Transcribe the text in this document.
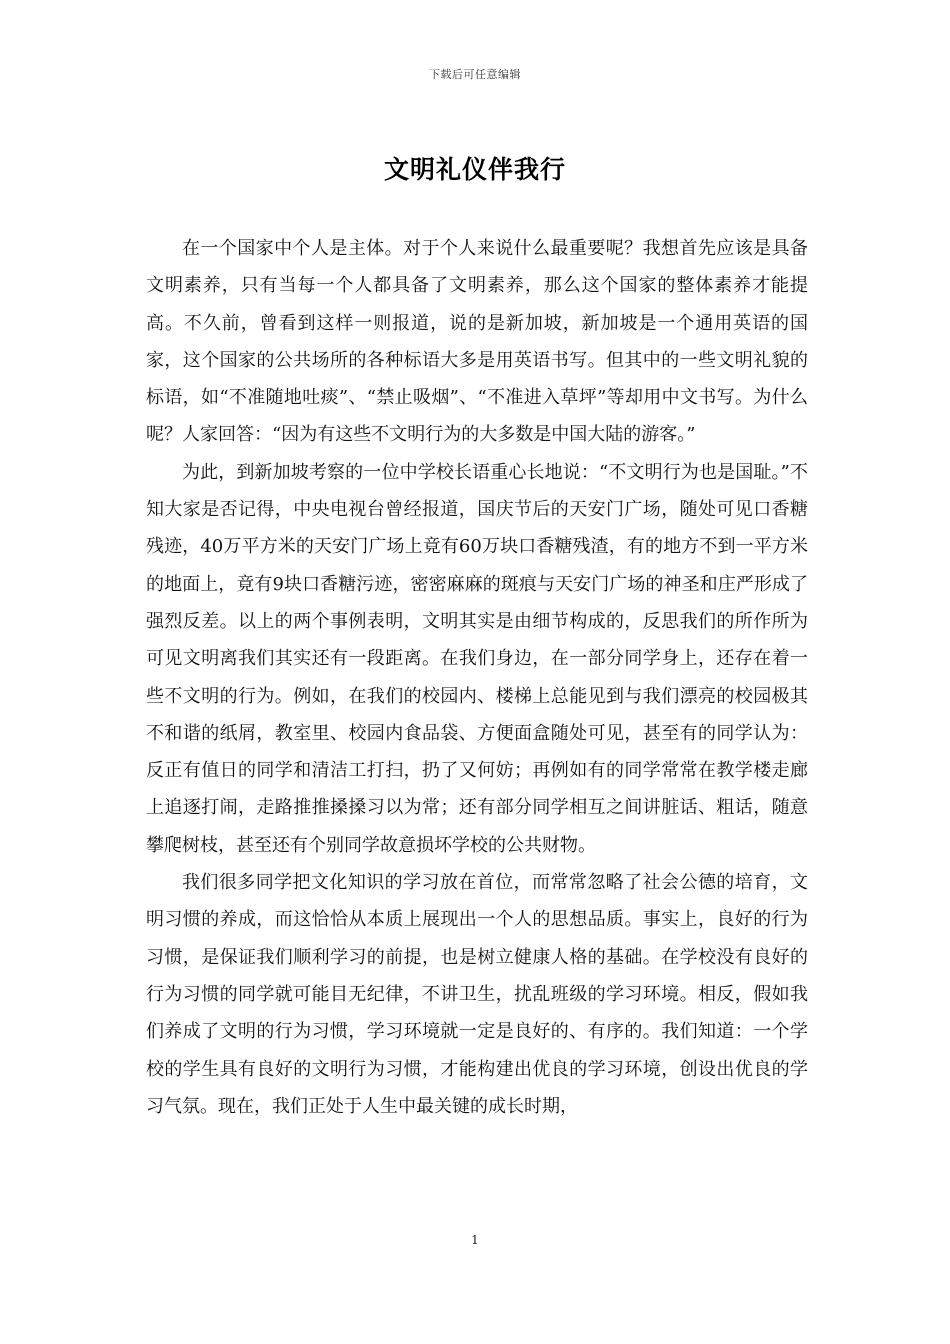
下载后可任意编辑
文明礼仪伴我行

在一个国家中个人是主体。对于个人来说什么最重要呢？我想首先应该是具备文明素养，只有当每一个人都具备了文明素养，那么这个国家的整体素养才能提高。不久前，曾看到这样一则报道，说的是新加坡，新加坡是一个通用英语的国家，这个国家的公共场所的各种标语大多是用英语书写。但其中的一些文明礼貌的标语，如“不准随地吐痰”、“禁止吸烟”、“不准进入草坪”等却用中文书写。为什么呢？人家回答：“因为有这些不文明行为的大多数是中国大陆的游客。”

为此，到新加坡考察的一位中学校长语重心长地说：“不文明行为也是国耻。”不知大家是否记得，中央电视台曾经报道，国庆节后的天安门广场，随处可见口香糖残迹，40万平方米的天安门广场上竟有60万块口香糖残渣，有的地方不到一平方米的地面上，竟有9块口香糖污迹，密密麻麻的斑痕与天安门广场的神圣和庄严形成了强烈反差。以上的两个事例表明，文明其实是由细节构成的，反思我们的所作所为可见文明离我们其实还有一段距离。在我们身边，在一部分同学身上，还存在着一些不文明的行为。例如，在我们的校园内、楼梯上总能见到与我们漂亮的校园极其不和谐的纸屑，教室里、校园内食品袋、方便面盒随处可见，甚至有的同学认为：反正有值日的同学和清洁工打扫，扔了又何妨；再例如有的同学常常在教学楼走廊上追逐打闹，走路推推搡搡习以为常；还有部分同学相互之间讲脏话、粗话，随意攀爬树枝，甚至还有个别同学故意损坏学校的公共财物。

我们很多同学把文化知识的学习放在首位，而常常忽略了社会公德的培育，文明习惯的养成，而这恰恰从本质上展现出一个人的思想品质。事实上，良好的行为习惯，是保证我们顺利学习的前提，也是树立健康人格的基础。在学校没有良好的行为习惯的同学就可能目无纪律，不讲卫生，扰乱班级的学习环境。相反，假如我们养成了文明的行为习惯，学习环境就一定是良好的、有序的。我们知道：一个学校的学生具有良好的文明行为习惯，才能构建出优良的学习环境，创设出优良的学习气氛。现在，我们正处于人生中最关键的成长时期，

1
